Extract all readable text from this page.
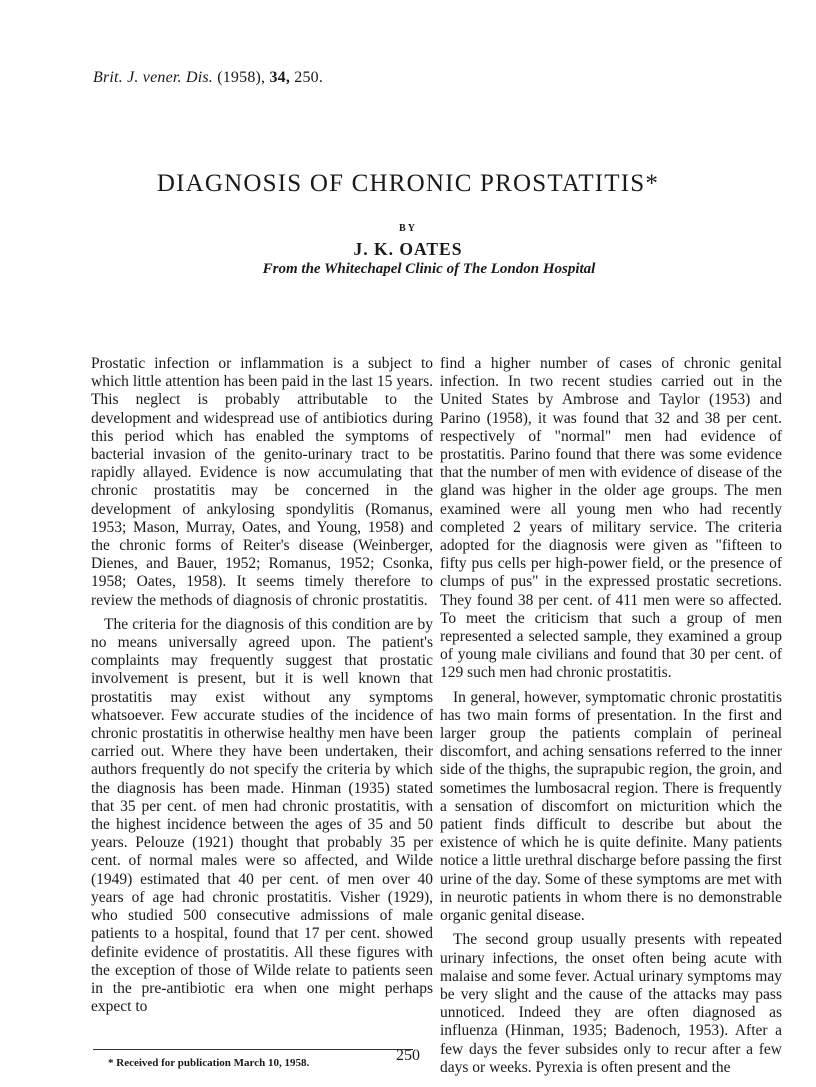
Brit. J. vener. Dis. (1958), 34, 250.
DIAGNOSIS OF CHRONIC PROSTATITIS*
BY
J. K. OATES
From the Whitechapel Clinic of The London Hospital

Prostatic infection or inflammation is a subject to which little attention has been paid in the last 15 years. This neglect is probably attributable to the development and widespread use of antibiotics during this period which has enabled the symptoms of bacterial invasion of the genito-urinary tract to be rapidly allayed. Evidence is now accumulating that chronic prostatitis may be concerned in the development of ankylosing spondylitis (Romanus, 1953; Mason, Murray, Oates, and Young, 1958) and the chronic forms of Reiter's disease (Weinberger, Dienes, and Bauer, 1952; Romanus, 1952; Csonka, 1958; Oates, 1958). It seems timely therefore to review the methods of diagnosis of chronic prostatitis.

The criteria for the diagnosis of this condition are by no means universally agreed upon. The patient's complaints may frequently suggest that prostatic involvement is present, but it is well known that prostatitis may exist without any symptoms whatsoever. Few accurate studies of the incidence of chronic prostatitis in otherwise healthy men have been carried out. Where they have been undertaken, their authors frequently do not specify the criteria by which the diagnosis has been made. Hinman (1935) stated that 35 per cent. of men had chronic prostatitis, with the highest incidence between the ages of 35 and 50 years. Pelouze (1921) thought that probably 35 per cent. of normal males were so affected, and Wilde (1949) estimated that 40 per cent. of men over 40 years of age had chronic prostatitis. Visher (1929), who studied 500 consecutive admissions of male patients to a hospital, found that 17 per cent. showed definite evidence of prostatitis. All these figures with the exception of those of Wilde relate to patients seen in the pre-antibiotic era when one might perhaps expect to

find a higher number of cases of chronic genital infection. In two recent studies carried out in the United States by Ambrose and Taylor (1953) and Parino (1958), it was found that 32 and 38 per cent. respectively of "normal" men had evidence of prostatitis. Parino found that there was some evidence that the number of men with evidence of disease of the gland was higher in the older age groups. The men examined were all young men who had recently completed 2 years of military service. The criteria adopted for the diagnosis were given as "fifteen to fifty pus cells per high-power field, or the presence of clumps of pus" in the expressed prostatic secretions. They found 38 per cent. of 411 men were so affected. To meet the criticism that such a group of men represented a selected sample, they examined a group of young male civilians and found that 30 per cent. of 129 such men had chronic prostatitis.

In general, however, symptomatic chronic prostatitis has two main forms of presentation. In the first and larger group the patients complain of perineal discomfort, and aching sensations referred to the inner side of the thighs, the suprapubic region, the groin, and sometimes the lumbosacral region. There is frequently a sensation of discomfort on micturition which the patient finds difficult to describe but about the existence of which he is quite definite. Many patients notice a little urethral discharge before passing the first urine of the day. Some of these symptoms are met with in neurotic patients in whom there is no demonstrable organic genital disease.

The second group usually presents with repeated urinary infections, the onset often being acute with malaise and some fever. Actual urinary symptoms may be very slight and the cause of the attacks may pass unnoticed. Indeed they are often diagnosed as influenza (Hinman, 1935; Badenoch, 1953). After a few days the fever subsides only to recur after a few days or weeks. Pyrexia is often present and the

* Received for publication March 10, 1958.	250
